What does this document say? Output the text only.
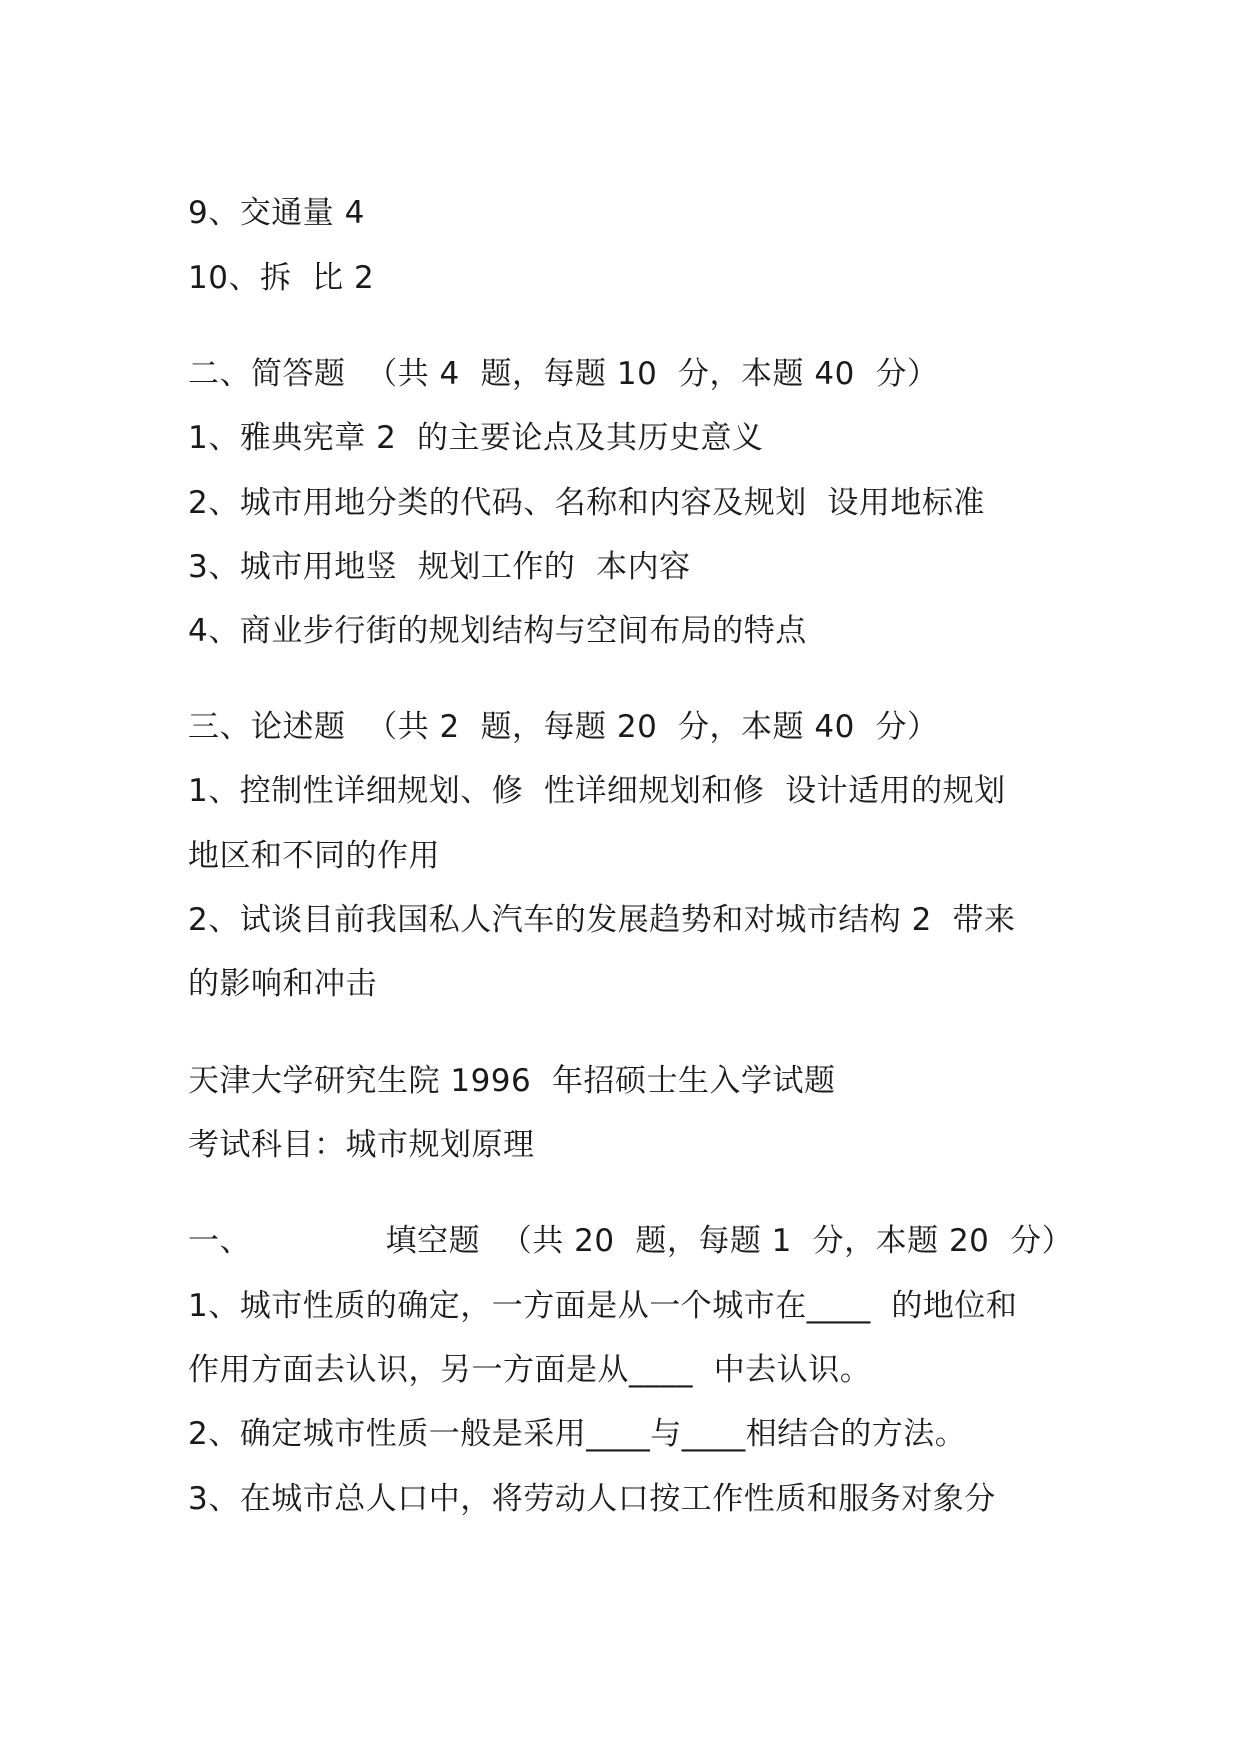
9、交通量 4

10、拆  比 2

二、简答题  （共 4  题，每题 10  分，本题 40  分）

1、雅典宪章 2  的主要论点及其历史意义

2、城市用地分类的代码、名称和内容及规划  设用地标准

3、城市用地竖  规划工作的  本内容

4、商业步行街的规划结构与空间布局的特点

三、论述题  （共 2  题，每题 20  分，本题 40  分）

1、控制性详细规划、修  性详细规划和修  设计适用的规划

地区和不同的作用

2、试谈目前我国私人汽车的发展趋势和对城市结构 2  带来

的影响和冲击

天津大学研究生院 1996  年招硕士生入学试题

考试科目：城市规划原理

一、             填空题  （共 20  题，每题 1  分，本题 20  分）

1、城市性质的确定，一方面是从一个城市在____  的地位和

作用方面去认识，另一方面是从____  中去认识。

2、确定城市性质一般是采用____与____相结合的方法。

3、在城市总人口中，将劳动人口按工作性质和服务对象分
